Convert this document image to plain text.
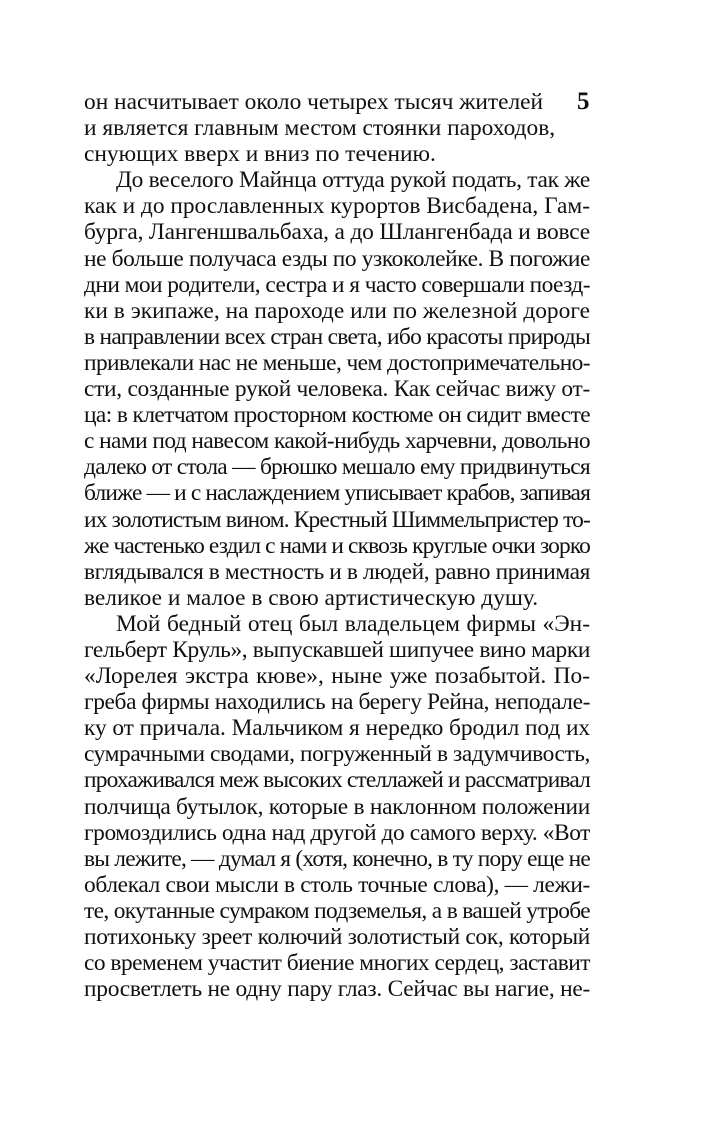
5
он насчитывает около четырех тысяч жителей
и является главным местом стоянки пароходов,
снующих вверх и вниз по течению.
До веселого Майнца оттуда рукой подать, так же
как и до прославленных курортов Висбадена, Гам-
бурга, Лангеншвальбаха, а до Шлангенбада и вовсе
не больше получаса езды по узкоколейке. В погожие
дни мои родители, сестра и я часто совершали поезд-
ки в экипаже, на пароходе или по железной дороге
в направлении всех стран света, ибо красоты природы
привлекали нас не меньше, чем достопримечательно-
сти, созданные рукой человека. Как сейчас вижу от-
ца: в клетчатом просторном костюме он сидит вместе
с нами под навесом какой-нибудь харчевни, довольно
далеко от стола — брюшко мешало ему придвинуться
ближе — и с наслаждением уписывает крабов, запивая
их золотистым вином. Крестный Шиммельпристер то-
же частенько ездил с нами и сквозь круглые очки зорко
вглядывался в местность и в людей, равно принимая
великое и малое в свою артистическую душу.
Мой бедный отец был владельцем фирмы «Эн-
гельберт Круль», выпускавшей шипучее вино марки
«Лорелея экстра кюве», ныне уже позабытой. По-
греба фирмы находились на берегу Рейна, неподале-
ку от причала. Мальчиком я нередко бродил под их
сумрачными сводами, погруженный в задумчивость,
прохаживался меж высоких стеллажей и рассматривал
полчища бутылок, которые в наклонном положении
громоздились одна над другой до самого верху. «Вот
вы лежите, — думал я (хотя, конечно, в ту пору еще не
облекал свои мысли в столь точные слова), — лежи-
те, окутанные сумраком подземелья, а в вашей утробе
потихоньку зреет колючий золотистый сок, который
со временем участит биение многих сердец, заставит
просветлеть не одну пару глаз. Сейчас вы нагие, не-
